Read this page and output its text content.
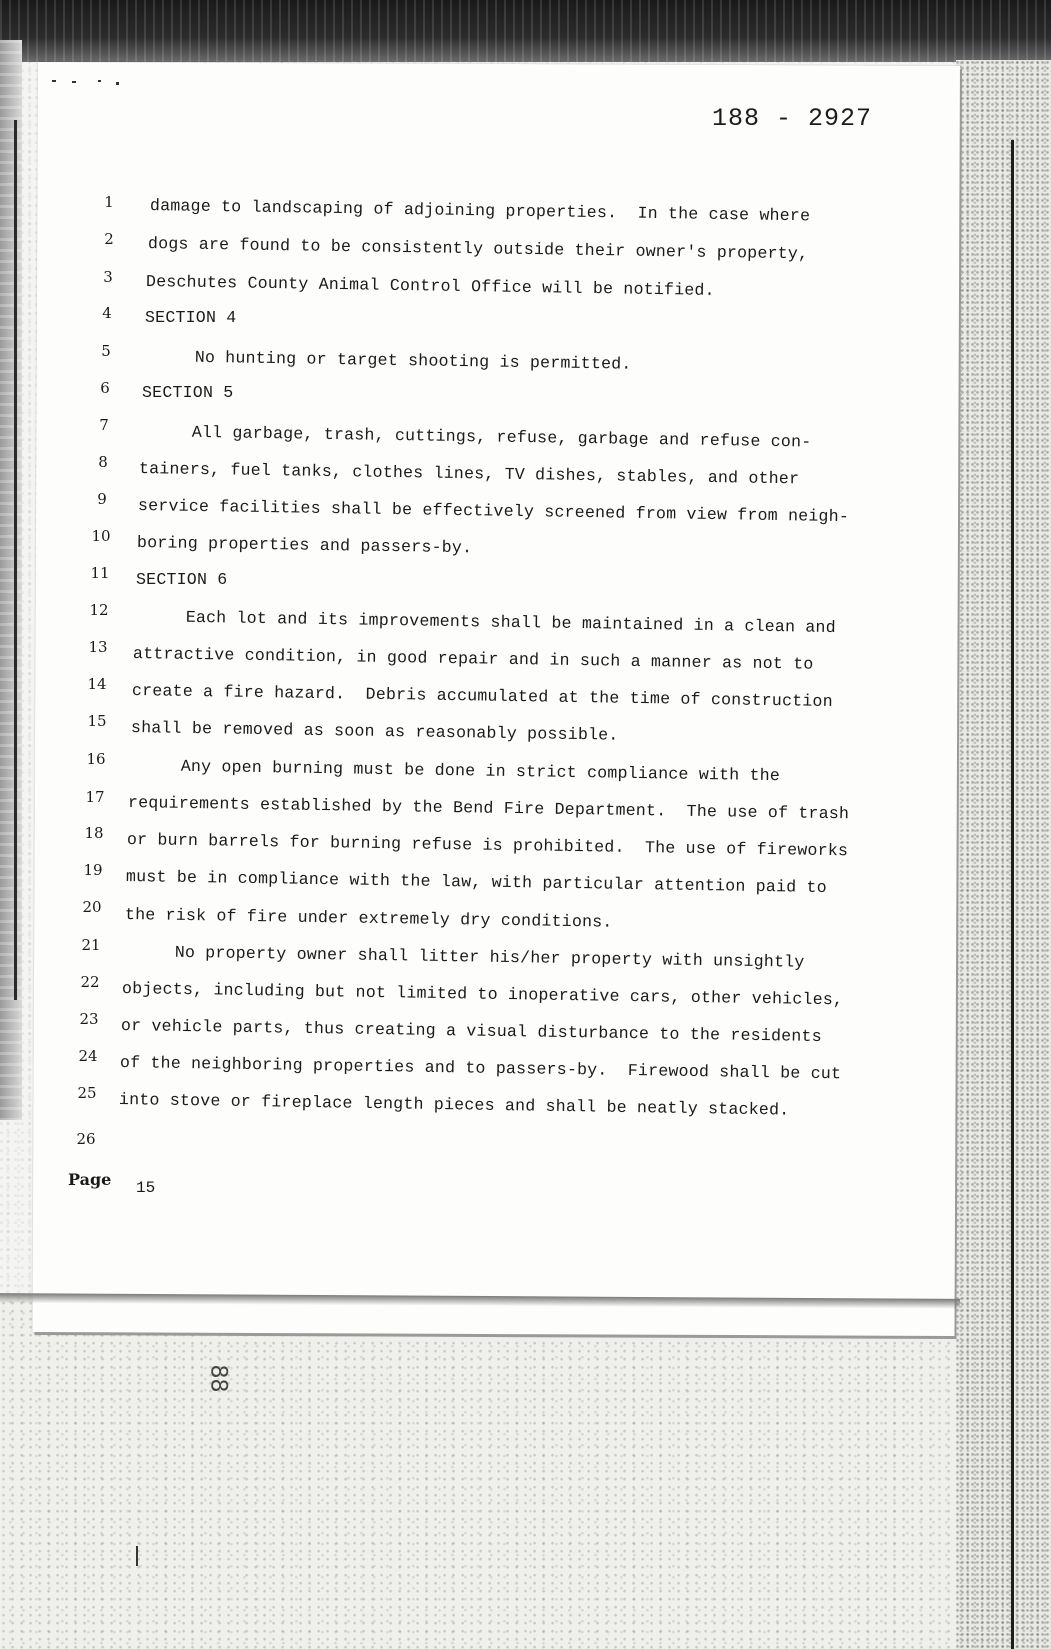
188 - 2927
1
2
3
4
5
6
7
8
9
10
11
12
13
14
15
16
17
18
19
20
21
22
23
24
25
26
damage to landscaping of adjoining properties.  In the case where
dogs are found to be consistently outside their owner's property,
Deschutes County Animal Control Office will be notified.
SECTION 4
No hunting or target shooting is permitted.
SECTION 5
All garbage, trash, cuttings, refuse, garbage and refuse con-
tainers, fuel tanks, clothes lines, TV dishes, stables, and other
service facilities shall be effectively screened from view from neigh-
boring properties and passers-by.
SECTION 6
Each lot and its improvements shall be maintained in a clean and
attractive condition, in good repair and in such a manner as not to
create a fire hazard.  Debris accumulated at the time of construction
shall be removed as soon as reasonably possible.
Any open burning must be done in strict compliance with the
requirements established by the Bend Fire Department.  The use of trash
or burn barrels for burning refuse is prohibited.  The use of fireworks
must be in compliance with the law, with particular attention paid to
the risk of fire under extremely dry conditions.
No property owner shall litter his/her property with unsightly
objects, including but not limited to inoperative cars, other vehicles,
or vehicle parts, thus creating a visual disturbance to the residents
of the neighboring properties and to passers-by.  Firewood shall be cut
into stove or fireplace length pieces and shall be neatly stacked.
Page 15
88
